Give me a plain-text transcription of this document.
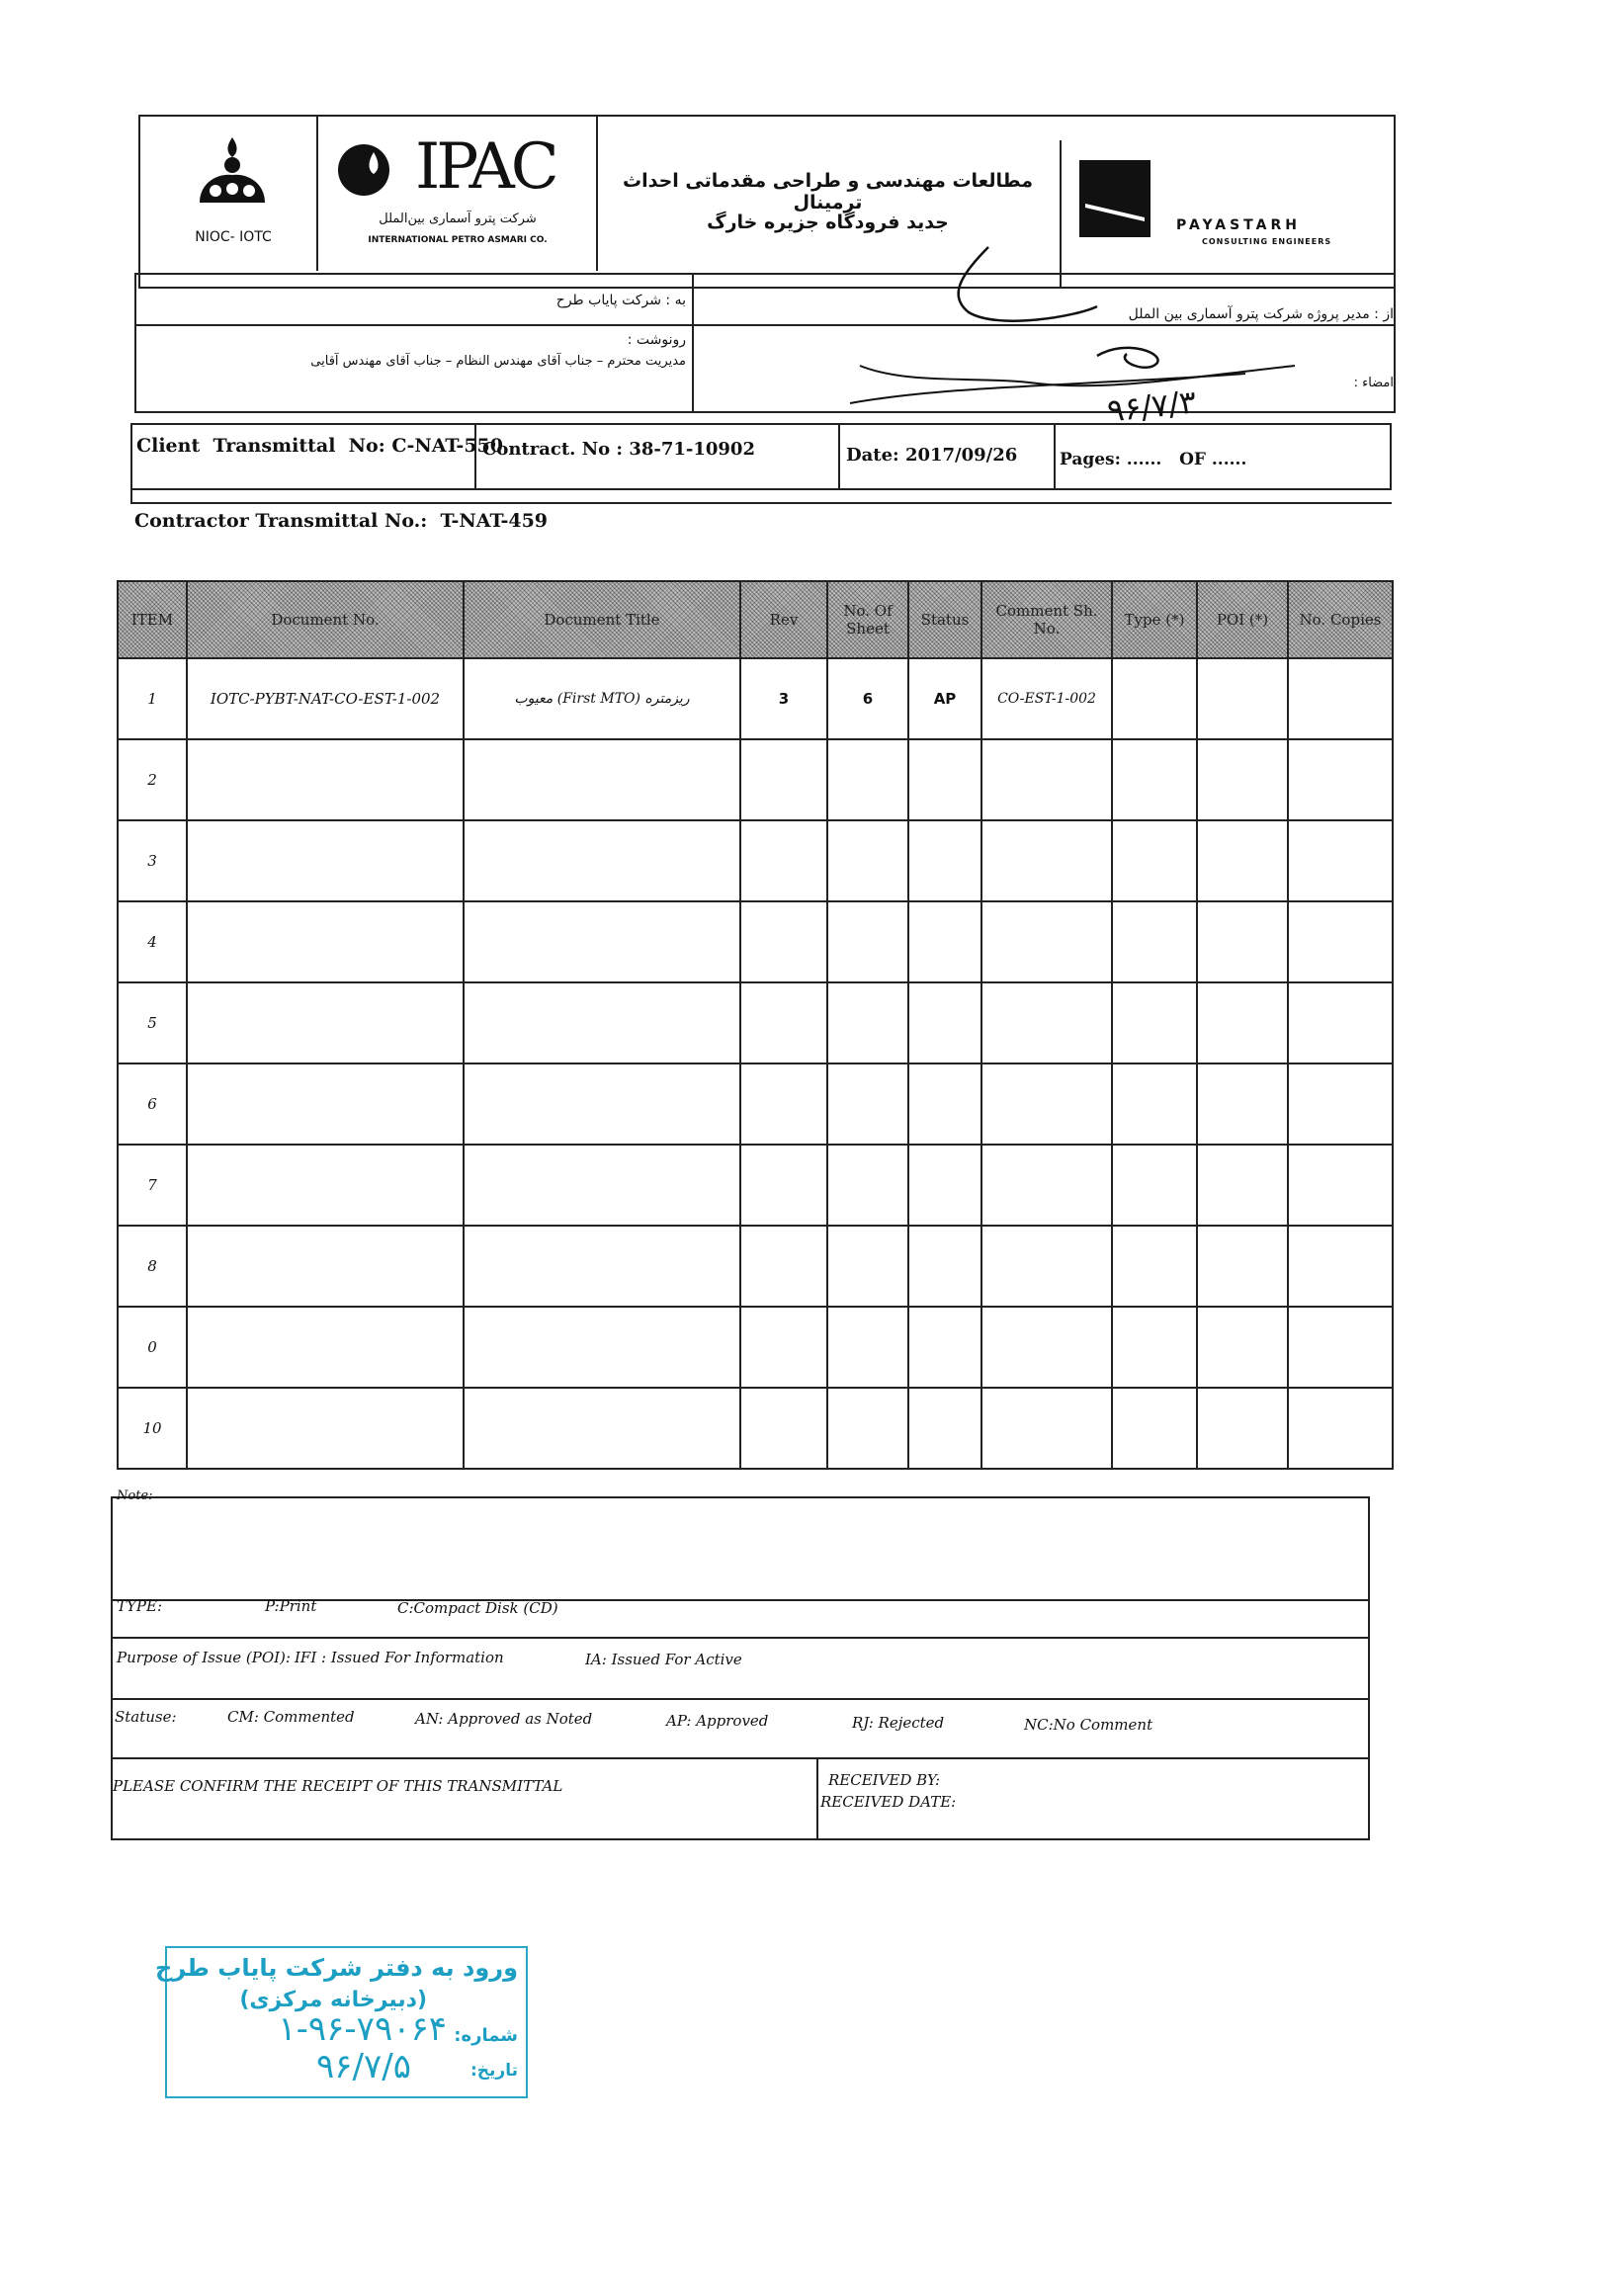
NIOC- IOTC
IPAC
شرکت پترو آسماری بین‌الملل
INTERNATIONAL PETRO ASMARI CO.
مطالعات مهندسی و طراحی مقدماتی احداث ترمینال
جدید فرودگاه جزیره خارگ	PAYASTARH
CONSULTING ENGINEERS
به : شرکت پایاب طرح
از : مدیر پروژه شرکت پترو آسماری بین الملل
رونوشت :
مدیریت محترم – جناب آقای مهندس النظام – جناب آقای مهندس آقایی
امضاء :
۹۶/۷/۳
Client  Transmittal  No: C-NAT-550
Contract. No : 38-71-10902	Date: 2017/09/26	Pages: ......   OF ......
Contractor Transmittal No.:  T-NAT-459
ITEM	Document No.	Document Title	Rev	No. Of Sheet	Status	Comment Sh. No.	Type (*)	POI (*)	No. Copies
1	IOTC-PYBT-NAT-CO-EST-1-002	ریزمتره (First MTO) معیوب	3	6	AP	CO-EST-1-002			
2									
3									
4									
5									
6									
7									
8									
0									
10									
Note:
TYPE:	P:Print	C:Compact Disk (CD)
Purpose of Issue (POI): IFI : Issued For Information	IA: Issued For Active
Statuse:	CM: Commented	AN: Approved as Noted	AP: Approved	RJ: Rejected	NC:No Comment
PLEASE CONFIRM THE RECEIPT OF THIS TRANSMITTAL	RECEIVED BY:
RECEIVED DATE:
ورود به دفتر شرکت پایاب طرح
(دبیرخانه مرکزی)
شماره:
۱-۹۶-۷۹۰۶۴
تاریخ:
۹۶/۷/۵
